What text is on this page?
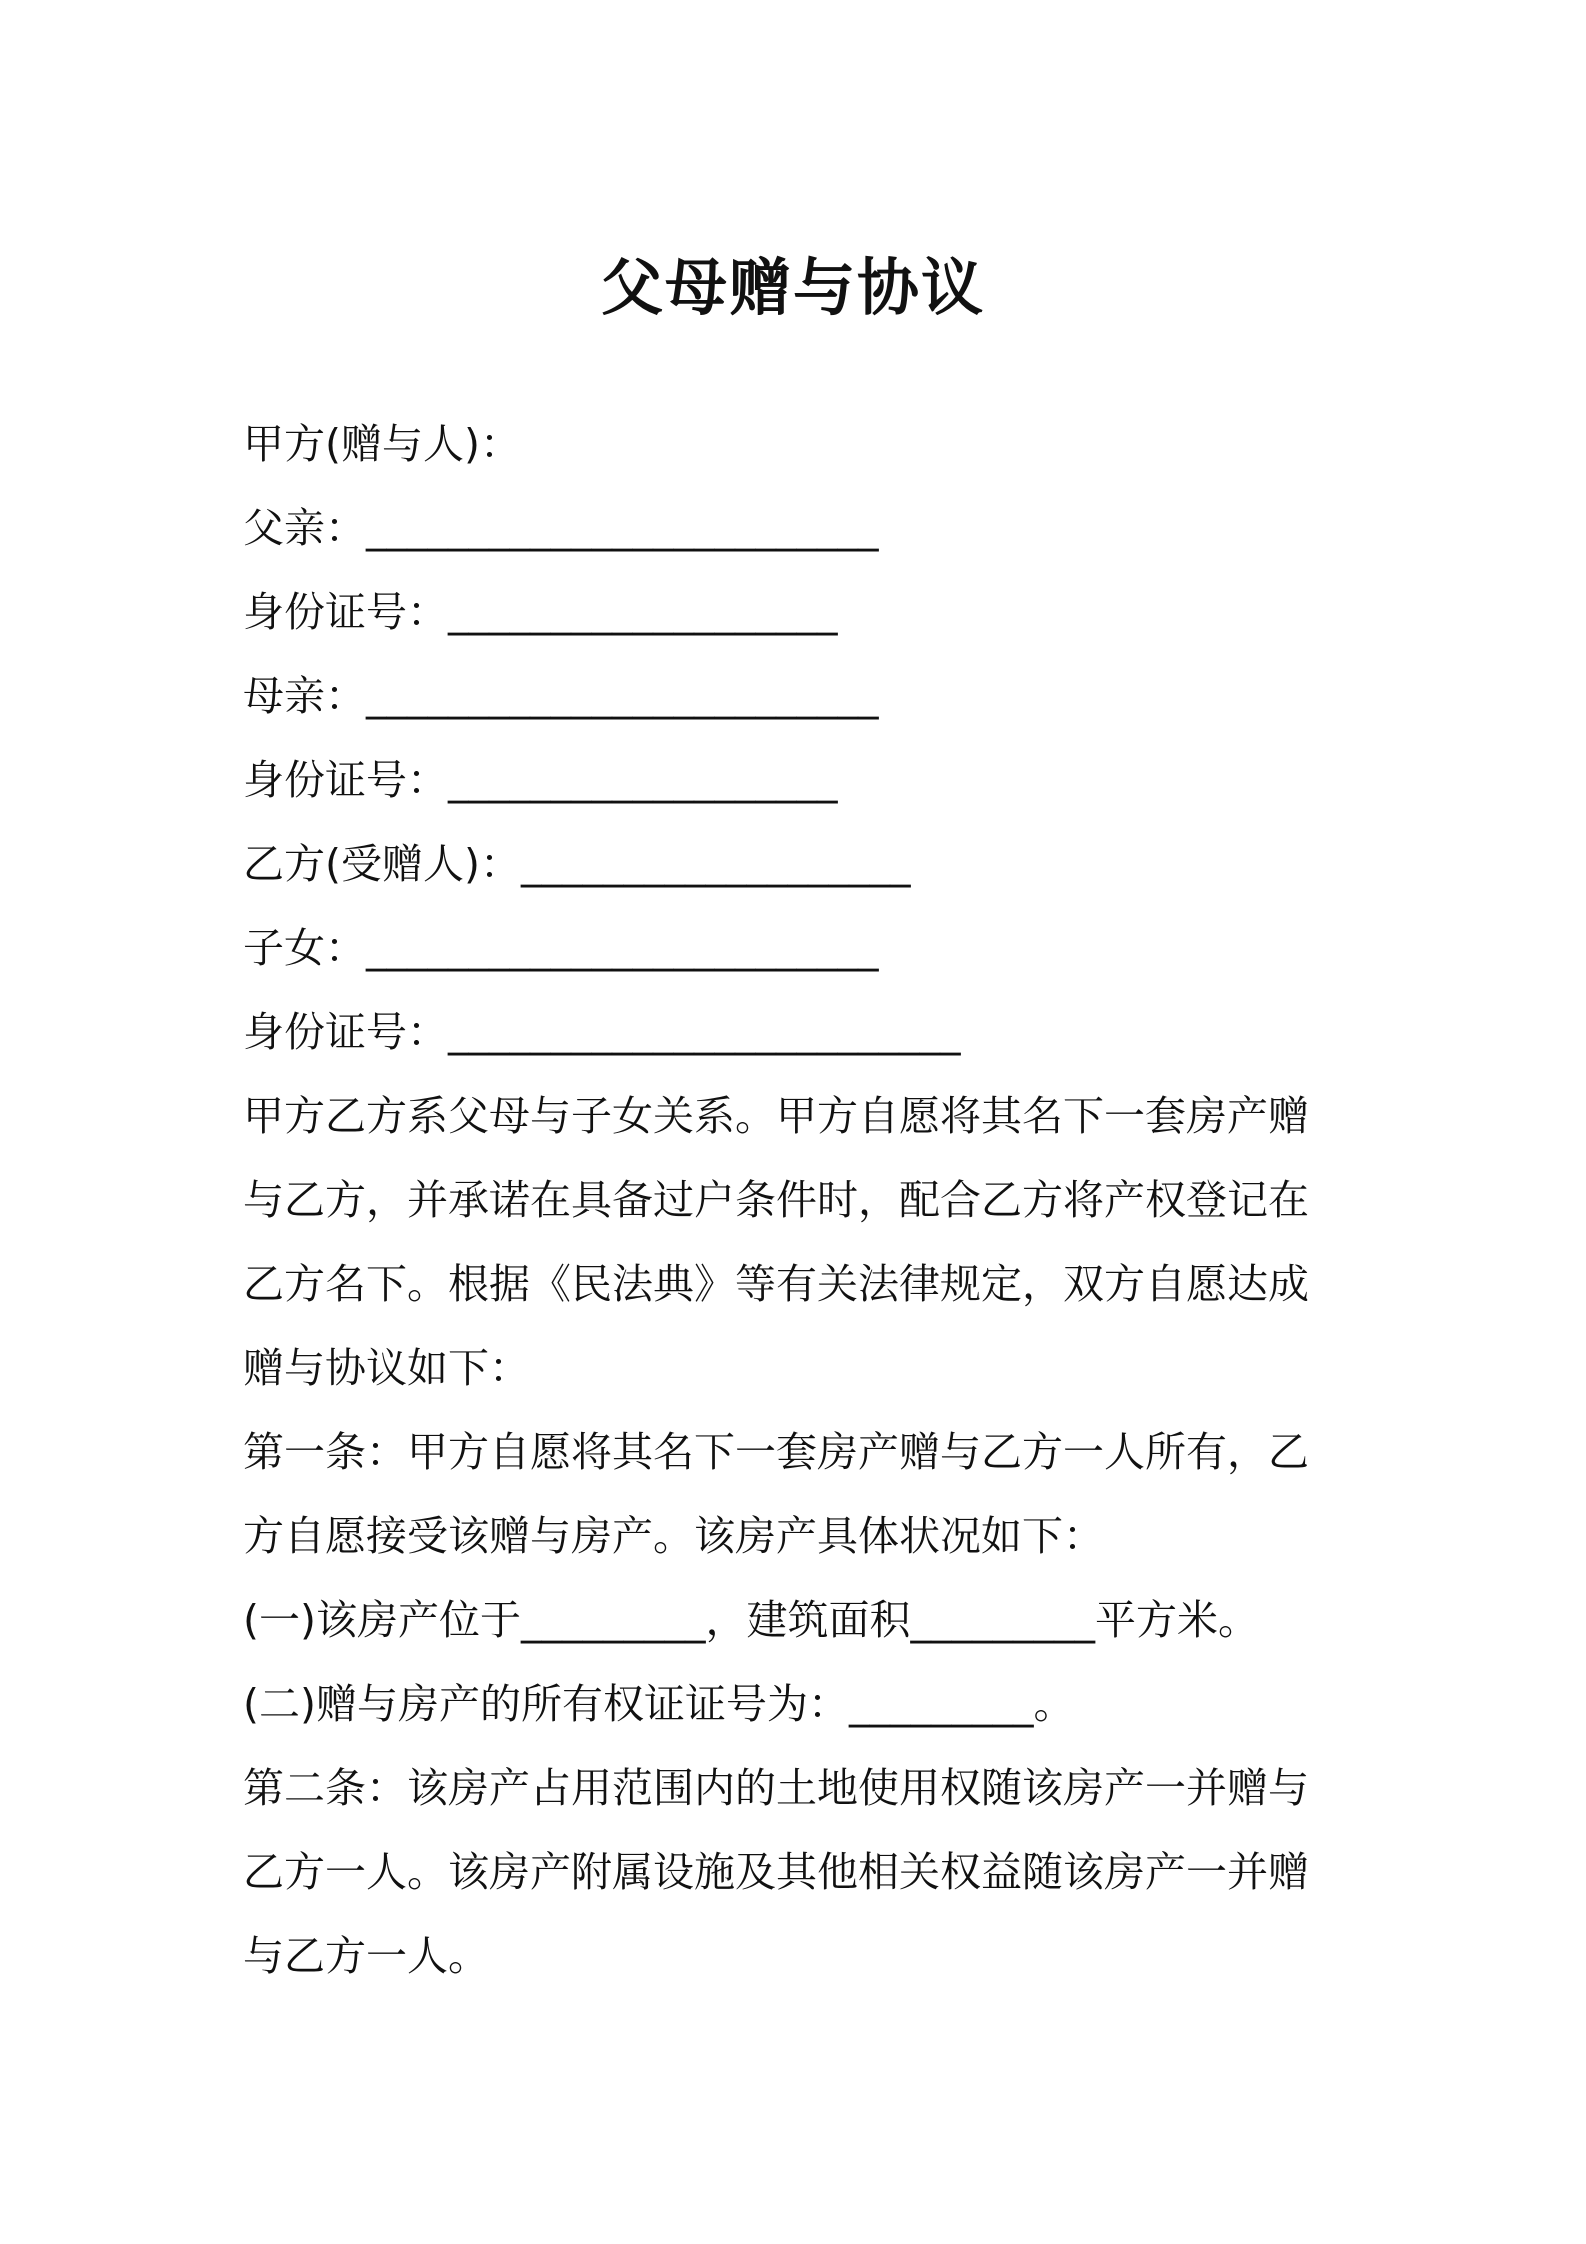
父母赠与协议
甲方(赠与人)：
父亲：_________________________
身份证号：___________________
母亲：_________________________
身份证号：___________________
乙方(受赠人)：___________________
子女：_________________________
身份证号：_________________________
甲方乙方系父母与子女关系。甲方自愿将其名下一套房产赠
与乙方，并承诺在具备过户条件时，配合乙方将产权登记在
乙方名下。根据《民法典》等有关法律规定，双方自愿达成
赠与协议如下：
第一条：甲方自愿将其名下一套房产赠与乙方一人所有，乙
方自愿接受该赠与房产。该房产具体状况如下：
(一)该房产位于_________，建筑面积_________平方米。
(二)赠与房产的所有权证证号为：_________。
第二条：该房产占用范围内的土地使用权随该房产一并赠与
乙方一人。该房产附属设施及其他相关权益随该房产一并赠
与乙方一人。
